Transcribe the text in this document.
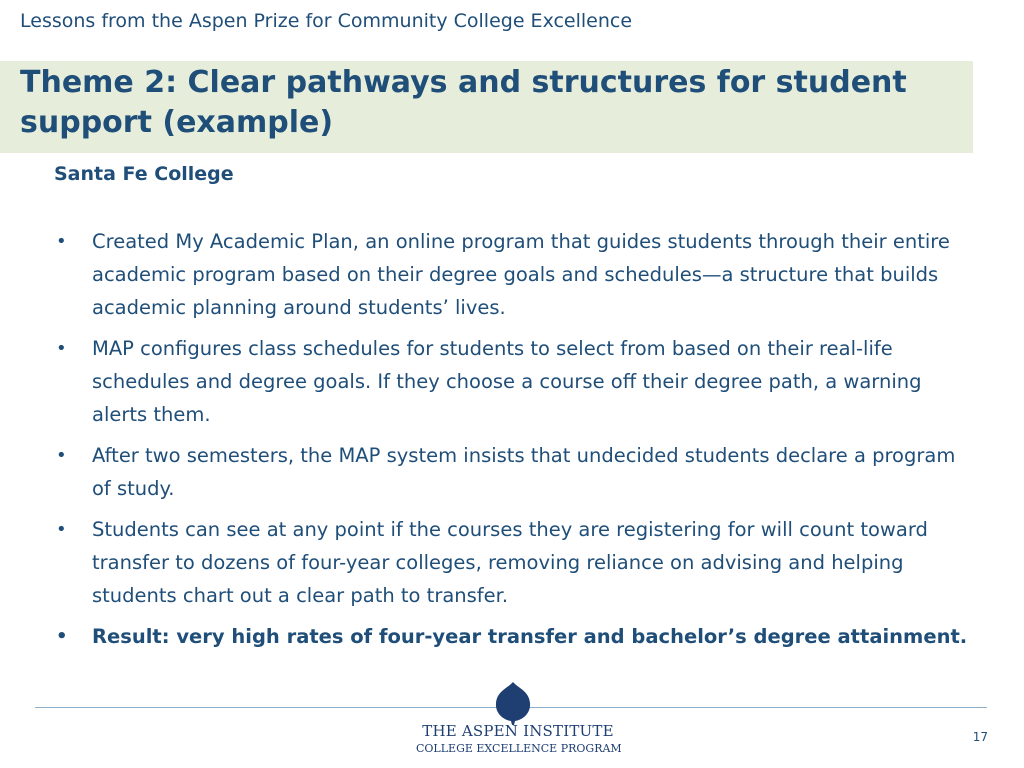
Lessons from the Aspen Prize for Community College Excellence
Theme 2: Clear pathways and structures for student support (example)
Santa Fe College
• Created My Academic Plan, an online program that guides students through their entire academic program based on their degree goals and schedules—a structure that builds academic planning around students’ lives.
• MAP configures class schedules for students to select from based on their real-life schedules and degree goals. If they choose a course off their degree path, a warning alerts them.
• After two semesters, the MAP system insists that undecided students declare a program of study.
• Students can see at any point if the courses they are registering for will count toward transfer to dozens of four-year colleges, removing reliance on advising and helping students chart out a clear path to transfer.
• Result: very high rates of four-year transfer and bachelor’s degree attainment.
THE ASPEN INSTITUTE
COLLEGE EXCELLENCE PROGRAM
17
